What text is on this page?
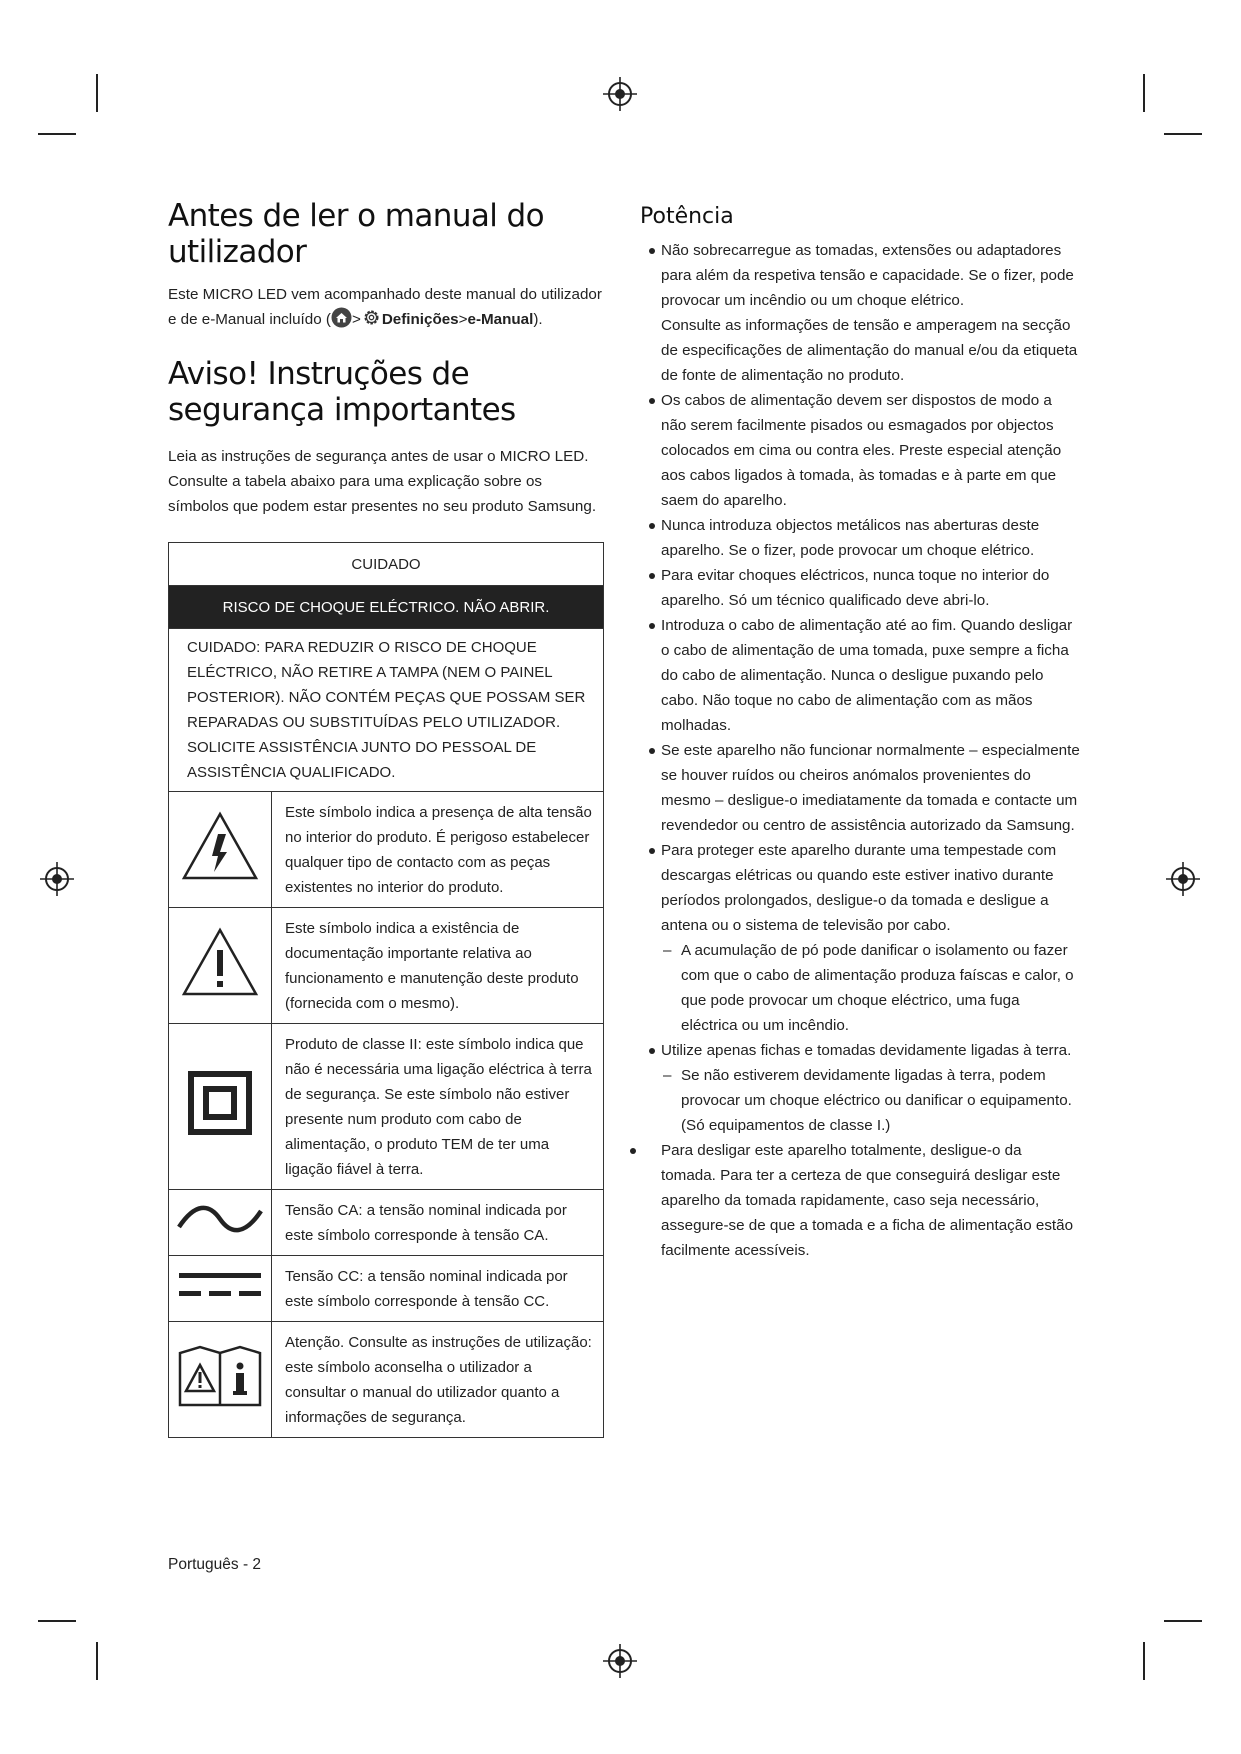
Antes de ler o manual do utilizador

Este MICRO LED vem acompanhado deste manual do utilizador e de e-Manual incluído ( > Definições>e-Manual).

Aviso! Instruções de segurança importantes

Leia as instruções de segurança antes de usar o MICRO LED. Consulte a tabela abaixo para uma explicação sobre os símbolos que podem estar presentes no seu produto Samsung.

CUIDADO	
RISCO DE CHOQUE ELÉCTRICO. NÃO ABRIR.	
CUIDADO: PARA REDUZIR O RISCO DE CHOQUE ELÉCTRICO, NÃO RETIRE A TAMPA (NEM O PAINEL POSTERIOR). NÃO CONTÉM PEÇAS QUE POSSAM SER REPARADAS OU SUBSTITUÍDAS PELO UTILIZADOR. SOLICITE ASSISTÊNCIA JUNTO DO PESSOAL DE ASSISTÊNCIA QUALIFICADO.	
	Este símbolo indica a presença de alta tensão no interior do produto. É perigoso estabelecer qualquer tipo de contacto com as peças existentes no interior do produto.
	Este símbolo indica a existência de documentação importante relativa ao funcionamento e manutenção deste produto (fornecida com o mesmo).
	Produto de classe II: este símbolo indica que não é necessária uma ligação eléctrica à terra de segurança. Se este símbolo não estiver presente num produto com cabo de alimentação, o produto TEM de ter uma ligação fiável à terra.
	Tensão CA: a tensão nominal indicada por este símbolo corresponde à tensão CA.
	Tensão CC: a tensão nominal indicada por este símbolo corresponde à tensão CC.
	Atenção. Consulte as instruções de utilização: este símbolo aconselha o utilizador a consultar o manual do utilizador quanto a informações de segurança.
Potência
Não sobrecarregue as tomadas, extensões ou adaptadores para além da respetiva tensão e capacidade. Se o fizer, pode provocar um incêndio ou um choque elétrico.
Consulte as informações de tensão e amperagem na secção de especificações de alimentação do manual e/ou da etiqueta de fonte de alimentação no produto.
Os cabos de alimentação devem ser dispostos de modo a não serem facilmente pisados ou esmagados por objectos colocados em cima ou contra eles. Preste especial atenção aos cabos ligados à tomada, às tomadas e à parte em que saem do aparelho.
Nunca introduza objectos metálicos nas aberturas deste aparelho. Se o fizer, pode provocar um choque elétrico.
Para evitar choques eléctricos, nunca toque no interior do aparelho. Só um técnico qualificado deve abri-lo.
Introduza o cabo de alimentação até ao fim. Quando desligar o cabo de alimentação de uma tomada, puxe sempre a ficha do cabo de alimentação. Nunca o desligue puxando pelo cabo. Não toque no cabo de alimentação com as mãos molhadas.
Se este aparelho não funcionar normalmente – especialmente se houver ruídos ou cheiros anómalos provenientes do mesmo – desligue-o imediatamente da tomada e contacte um revendedor ou centro de assistência autorizado da Samsung.
Para proteger este aparelho durante uma tempestade com descargas elétricas ou quando este estiver inativo durante períodos prolongados, desligue-o da tomada e desligue a antena ou o sistema de televisão por cabo.
– A acumulação de pó pode danificar o isolamento ou fazer com que o cabo de alimentação produza faíscas e calor, o que pode provocar um choque eléctrico, uma fuga eléctrica ou um incêndio.
Utilize apenas fichas e tomadas devidamente ligadas à terra.
– Se não estiverem devidamente ligadas à terra, podem provocar um choque eléctrico ou danificar o equipamento.
(Só equipamentos de classe I.)
Para desligar este aparelho totalmente, desligue-o da tomada. Para ter a certeza de que conseguirá desligar este aparelho da tomada rapidamente, caso seja necessário, assegure-se de que a tomada e a ficha de alimentação estão facilmente acessíveis.
Português - 2
